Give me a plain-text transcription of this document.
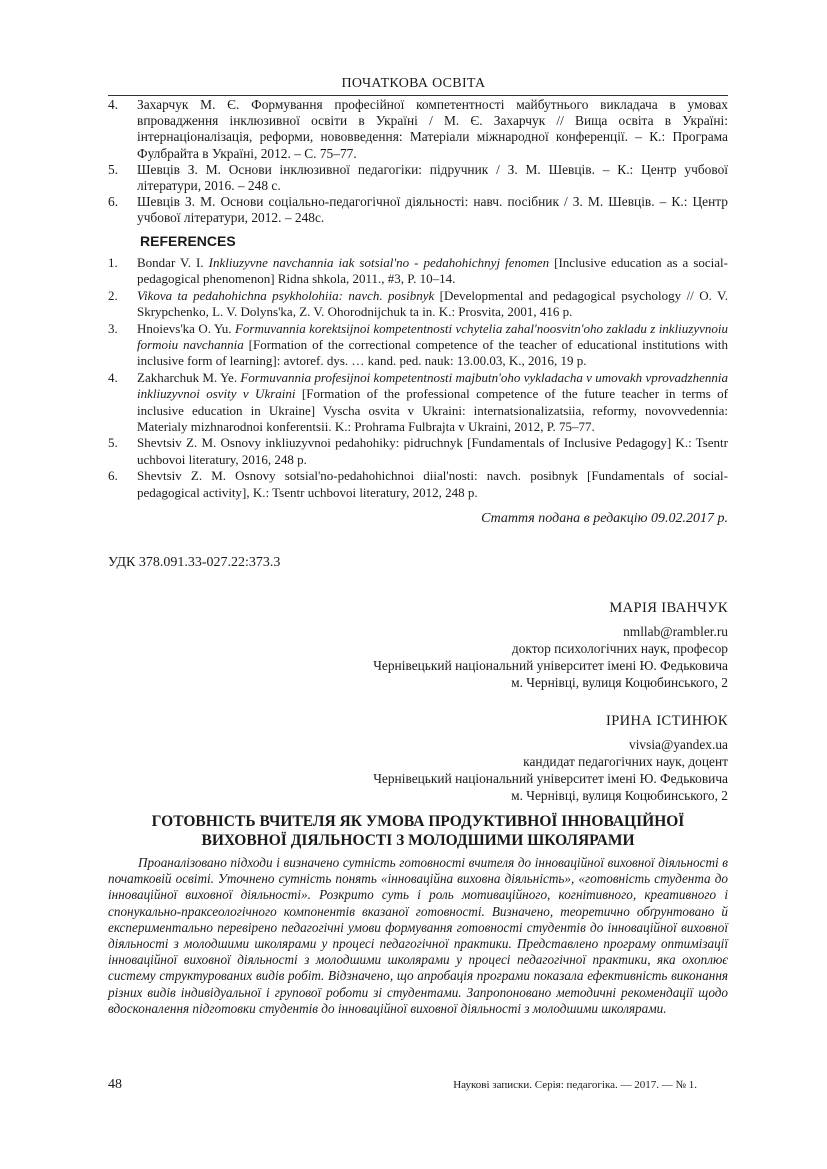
ПОЧАТКОВА ОСВІТА
4. Захарчук М. Є. Формування професійної компетентності майбутнього викладача в умовах впровадження інклюзивної освіти в Україні / М. Є. Захарчук // Вища освіта в Україні: інтернаціоналізація, реформи, нововведення: Матеріали міжнародної конференції. – К.: Програма Фулбрайта в Україні, 2012. – С. 75–77.
5. Шевців З. М. Основи інклюзивної педагогіки: підручник / З. М. Шевців. – К.: Центр учбової літератури, 2016. – 248 с.
6. Шевців З. М. Основи соціально-педагогічної діяльності: навч. посібник / З. М. Шевців. – К.: Центр учбової літератури, 2012. – 248с.
REFERENCES
1. Bondar V. I. Inkliuzyvne navchannia iak sotsial'no - pedahohichnyj fenomen [Inclusive education as a social-pedagogical phenomenon] Ridna shkola, 2011., #3, P. 10–14.
2. Vikova ta pedahohichna psykholohiia: navch. posibnyk [Developmental and pedagogical psychology // O. V. Skrypchenko, L. V. Dolyns'ka, Z. V. Ohorodnijchuk ta in. K.: Prosvita, 2001, 416 p.
3. Hnoievs'ka O. Yu. Formuvannia korektsijnoi kompetentnosti vchytelia zahal'noosvitn'oho zakladu z inkliuzyvnoiu formoiu navchannia [Formation of the correctional competence of the teacher of educational institutions with inclusive form of learning]: avtoref. dys. … kand. ped. nauk: 13.00.03, K., 2016, 19 p.
4. Zakharchuk M. Ye. Formuvannia profesijnoi kompetentnosti majbutn'oho vykladacha v umovakh vprovadzhennia inkliuzyvnoi osvity v Ukraini [Formation of the professional competence of the future teacher in terms of inclusive education in Ukraine] Vyscha osvita v Ukraini: internatsionalizatsiia, reformy, novovvedennia: Materialy mizhnarodnoi konferentsii. K.: Prohrama Fulbrajta v Ukraini, 2012, P. 75–77.
5. Shevtsiv Z. M. Osnovy inkliuzyvnoi pedahohiky: pidruchnyk [Fundamentals of Inclusive Pedagogy] K.: Tsentr uchbovoi literatury, 2016, 248 p.
6. Shevtsiv Z. M. Osnovy sotsial'no-pedahohichnoi diial'nosti: navch. posibnyk [Fundamentals of social-pedagogical activity], K.: Tsentr uchbovoi literatury, 2012, 248 p.
Стаття подана в редакцію 09.02.2017 р.
УДК 378.091.33-027.22:373.3
МАРІЯ ІВАНЧУК
nmllab@rambler.ru
доктор психологічних наук, професор
Чернівецький національний університет імені Ю. Федьковича
м. Чернівці, вулиця Коцюбинського, 2
ІРИНА ІСТИНЮК
vivsia@yandex.ua
кандидат педагогічних наук, доцент
Чернівецький національний університет імені Ю. Федьковича
м. Чернівці, вулиця Коцюбинського, 2
ГОТОВНІСТЬ ВЧИТЕЛЯ ЯК УМОВА ПРОДУКТИВНОЇ ІННОВАЦІЙНОЇ
ВИХОВНОЇ ДІЯЛЬНОСТІ З МОЛОДШИМИ ШКОЛЯРАМИ

Проаналізовано підходи і визначено сутність готовності вчителя до інноваційної виховної діяльності в початковій освіті. Уточнено сутність понять «інноваційна виховна діяльність», «готовність студента до інноваційної виховної діяльності». Розкрито суть і роль мотиваційного, когнітивного, креативного і спонукально-праксеологічного компонентів вказаної готовності. Визначено, теоретично обґрунтовано й експериментально перевірено педагогічні умови формування готовності студентів до інноваційної виховної діяльності з молодшими школярами у процесі педагогічної практики. Представлено програму оптимізації інноваційної виховної діяльності з молодшими школярами у процесі педагогічної практики, яка охоплює систему структурованих видів робіт. Відзначено, що апробація програми показала ефективність виконання різних видів індивідуальної і групової роботи зі студентами. Запропоновано методичні рекомендації щодо вдосконалення підготовки студентів до інноваційної виховної діяльності з молодшими школярами.

48	Наукові записки. Серія: педагогіка. — 2017. — № 1.
